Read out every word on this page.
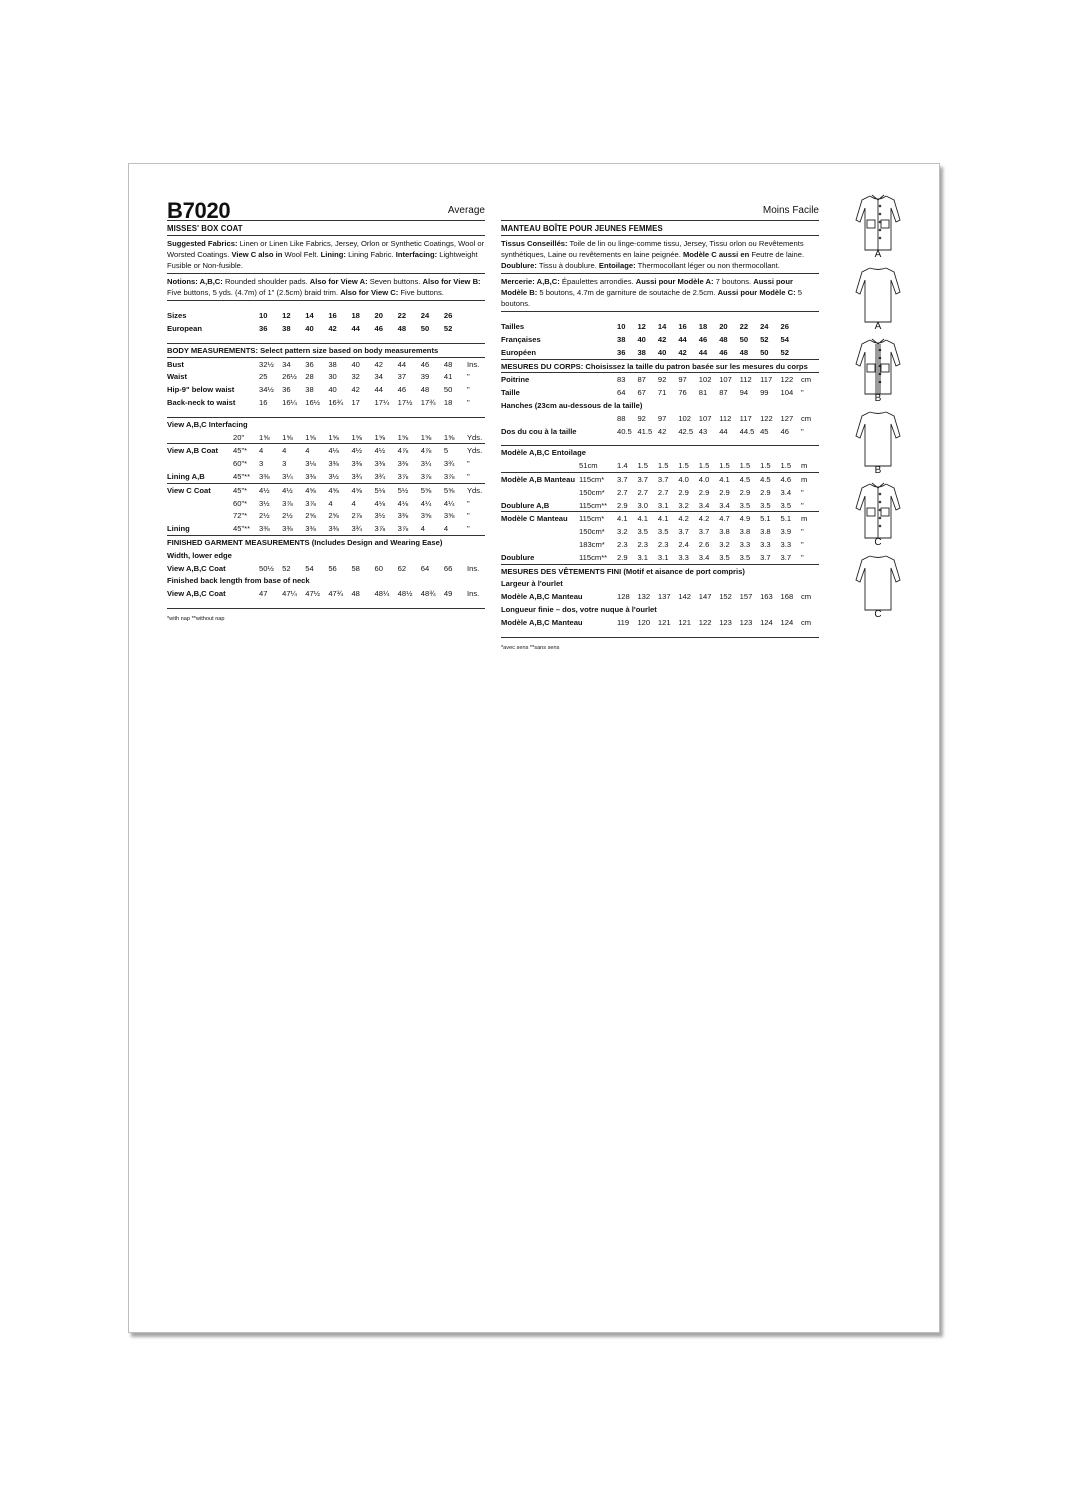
B7020	Average
MISSES' BOX COAT
Suggested Fabrics: Linen or Linen Like Fabrics, Jersey, Orlon or Synthetic Coatings, Wool or Worsted Coatings. View C also in Wool Felt. Lining: Lining Fabric. Interfacing: Lightweight Fusible or Non-fusible.
Notions: A,B,C: Rounded shoulder pads. Also for View A: Seven buttons. Also for View B: Five buttons, 5 yds. (4.7m) of 1" (2.5cm) braid trim. Also for View C: Five buttons.

Sizes		10	12	14	16	18	20	22	24	26	
European		36	38	40	42	44	46	48	50	52	

BODY MEASUREMENTS: Select pattern size based on body measurements											
Bust		32½	34	36	38	40	42	44	46	48	Ins.
Waist		25	26½	28	30	32	34	37	39	41	"
Hip-9" below waist		34½	36	38	40	42	44	46	48	50	"
Back-neck to waist		16	16¼	16½	16¾	17	17¼	17½	17¾	18	"

View A,B,C Interfacing											
	20"	1⅝	1⅝	1⅝	1⅝	1⅝	1⅝	1⅝	1⅝	1⅝	Yds.
View A,B Coat	45"*	4	4	4	4⅛	4½	4½	4⅞	4⅞	5	Yds.
	60"*	3	3	3⅛	3⅜	3⅜	3⅜	3⅜	3¼	3¾	"
Lining A,B	45"**	3⅜	3¼	3⅜	3½	3¾	3¾	3⅞	3⅞	3⅞	"
View C Coat	45"*	4½	4½	4⅝	4⅝	4⅝	5⅛	5½	5⅝	5⅝	Yds.
	60"*	3½	3⅞	3⅞	4	4	4⅛	4⅛	4¼	4¼	"
	72"*	2½	2½	2⅝	2⅝	2⅞	3½	3⅜	3⅝	3⅝	"
Lining	45"**	3⅜	3⅜	3⅜	3⅜	3¾	3⅞	3⅞	4	4	"
FINISHED GARMENT MEASUREMENTS (Includes Design and Wearing Ease)											
Width, lower edge											
View A,B,C Coat		50½	52	54	56	58	60	62	64	66	Ins.
Finished back length from base of neck											
View A,B,C Coat		47	47¼	47½	47¾	48	48¼	48½	48¾	49	Ins.

*with nap **without nap
Moins Facile
MANTEAU BOÎTE POUR JEUNES FEMMES
Tissus Conseillés: Toile de lin ou linge-comme tissu, Jersey, Tissu orlon ou Revêtements synthétiques, Laine ou revêtements en laine peignée. Modèle C aussi en Feutre de laine. Doublure: Tissu à doublure. Entoilage: Thermocollant léger ou non thermocollant.
Mercerie: A,B,C: Épaulettes arrondies. Aussi pour Modèle A: 7 boutons. Aussi pour Modèle B: 5 boutons, 4.7m de garniture de soutache de 2.5cm. Aussi pour Modèle C: 5 boutons.

Tailles		10	12	14	16	18	20	22	24	26	
Françaises		38	40	42	44	46	48	50	52	54	
Européen		36	38	40	42	44	46	48	50	52	
MESURES DU CORPS: Choisissez la taille du patron basée sur les mesures du corps											
Poitrine		83	87	92	97	102	107	112	117	122	cm
Taille		64	67	71	76	81	87	94	99	104	"
Hanches (23cm au-dessous de la taille)											
		88	92	97	102	107	112	117	122	127	cm
Dos du cou à la taille		40.5	41.5	42	42.5	43	44	44.5	45	46	"

Modèle A,B,C Entoilage											
	51cm	1.4	1.5	1.5	1.5	1.5	1.5	1.5	1.5	1.5	m
Modèle A,B Manteau	115cm*	3.7	3.7	3.7	4.0	4.0	4.1	4.5	4.5	4.6	m
	150cm*	2.7	2.7	2.7	2.9	2.9	2.9	2.9	2.9	3.4	"
Doublure A,B	115cm**	2.9	3.0	3.1	3.2	3.4	3.4	3.5	3.5	3.5	"
Modèle C Manteau	115cm*	4.1	4.1	4.1	4.2	4.2	4.7	4.9	5.1	5.1	m
	150cm*	3.2	3.5	3.5	3.7	3.7	3.8	3.8	3.8	3.9	"
	183cm*	2.3	2.3	2.3	2.4	2.6	3.2	3.3	3.3	3.3	"
Doublure	115cm**	2.9	3.1	3.1	3.3	3.4	3.5	3.5	3.7	3.7	"
MESURES DES VÊTEMENTS FINI (Motif et aisance de port compris)											
Largeur à l'ourlet											
Modèle A,B,C Manteau		128	132	137	142	147	152	157	163	168	cm
Longueur finie – dos, votre nuque à l'ourlet											
Modèle A,B,C Manteau		119	120	121	121	122	123	123	124	124	cm

*avec sens **sans sens
A
A
B
B
C
C
